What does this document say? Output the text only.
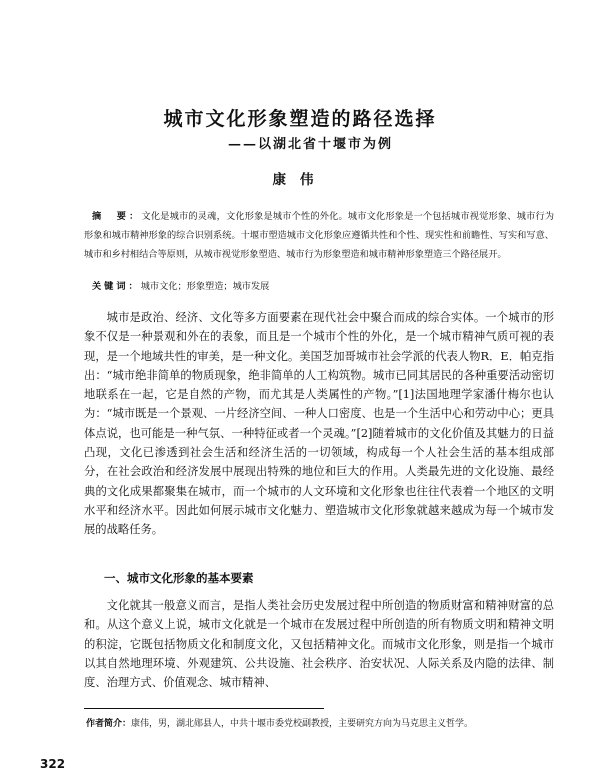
城市文化形象塑造的路径选择
——以湖北省十堰市为例
康伟

摘　要：文化是城市的灵魂，文化形象是城市个性的外化。城市文化形象是一个包括城市视觉形象、城市行为形象和城市精神形象的综合识别系统。十堰市塑造城市文化形象应遵循共性和个性、现实性和前瞻性、写实和写意、城市和乡村相结合等原则，从城市视觉形象塑造、城市行为形象塑造和城市精神形象塑造三个路径展开。

关键词：城市文化；形象塑造；城市发展

城市是政治、经济、文化等多方面要素在现代社会中聚合而成的综合实体。一个城市的形象不仅是一种景观和外在的表象，而且是一个城市个性的外化，是一个城市精神气质可视的表现，是一个地域共性的审美，是一种文化。美国芝加哥城市社会学派的代表人物R．E．帕克指出：“城市绝非简单的物质现象，绝非简单的人工构筑物。城市已同其居民的各种重要活动密切地联系在一起，它是自然的产物，而尤其是人类属性的产物。”[1]法国地理学家潘什梅尔也认为：“城市既是一个景观、一片经济空间、一种人口密度、也是一个生活中心和劳动中心；更具体点说，也可能是一种气氛、一种特征或者一个灵魂。”[2]随着城市的文化价值及其魅力的日益凸现，文化已渗透到社会生活和经济生活的一切领域，构成每一个人社会生活的基本组成部分，在社会政治和经济发展中展现出特殊的地位和巨大的作用。人类最先进的文化设施、最经典的文化成果都聚集在城市，而一个城市的人文环境和文化形象也往往代表着一个地区的文明水平和经济水平。因此如何展示城市文化魅力、塑造城市文化形象就越来越成为每一个城市发展的战略任务。

一、城市文化形象的基本要素

文化就其一般意义而言，是指人类社会历史发展过程中所创造的物质财富和精神财富的总和。从这个意义上说，城市文化就是一个城市在发展过程中所创造的所有物质文明和精神文明的积淀，它既包括物质文化和制度文化，又包括精神文化。而城市文化形象，则是指一个城市以其自然地理环境、外观建筑、公共设施、社会秩序、治安状况、人际关系及内隐的法律、制度、治理方式、价值观念、城市精神、

作者简介：康伟，男，湖北郧县人，中共十堰市委党校副教授，主要研究方向为马克思主义哲学。

322
